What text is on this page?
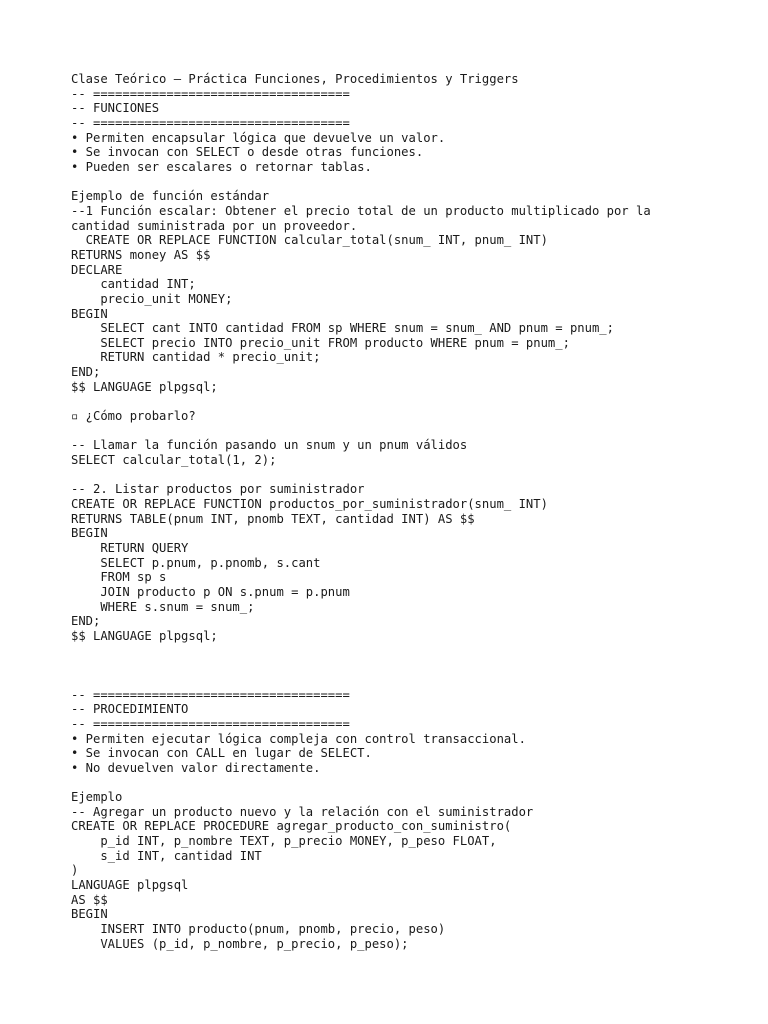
Clase Teórico – Práctica Funciones, Procedimientos y Triggers
-- ===================================
-- FUNCIONES
-- ===================================
• Permiten encapsular lógica que devuelve un valor.
• Se invocan con SELECT o desde otras funciones.
• Pueden ser escalares o retornar tablas.
Ejemplo de función estándar
--1 Función escalar: Obtener el precio total de un producto multiplicado por la
cantidad suministrada por un proveedor.
CREATE OR REPLACE FUNCTION calcular_total(snum_ INT, pnum_ INT)
RETURNS money AS $$
DECLARE
cantidad INT;
precio_unit MONEY;
BEGIN
SELECT cant INTO cantidad FROM sp WHERE snum = snum_ AND pnum = pnum_;
SELECT precio INTO precio_unit FROM producto WHERE pnum = pnum_;
RETURN cantidad * precio_unit;
END;
$$ LANGUAGE plpgsql;
▫ ¿Cómo probarlo?
-- Llamar la función pasando un snum y un pnum válidos
SELECT calcular_total(1, 2);
-- 2. Listar productos por suministrador
CREATE OR REPLACE FUNCTION productos_por_suministrador(snum_ INT)
RETURNS TABLE(pnum INT, pnomb TEXT, cantidad INT) AS $$
BEGIN
RETURN QUERY
SELECT p.pnum, p.pnomb, s.cant
FROM sp s
JOIN producto p ON s.pnum = p.pnum
WHERE s.snum = snum_;
END;
$$ LANGUAGE plpgsql;
-- ===================================
-- PROCEDIMIENTO
-- ===================================
• Permiten ejecutar lógica compleja con control transaccional.
• Se invocan con CALL en lugar de SELECT.
• No devuelven valor directamente.
Ejemplo
-- Agregar un producto nuevo y la relación con el suministrador
CREATE OR REPLACE PROCEDURE agregar_producto_con_suministro(
p_id INT, p_nombre TEXT, p_precio MONEY, p_peso FLOAT,
s_id INT, cantidad INT
)
LANGUAGE plpgsql
AS $$
BEGIN
INSERT INTO producto(pnum, pnomb, precio, peso)
VALUES (p_id, p_nombre, p_precio, p_peso);
